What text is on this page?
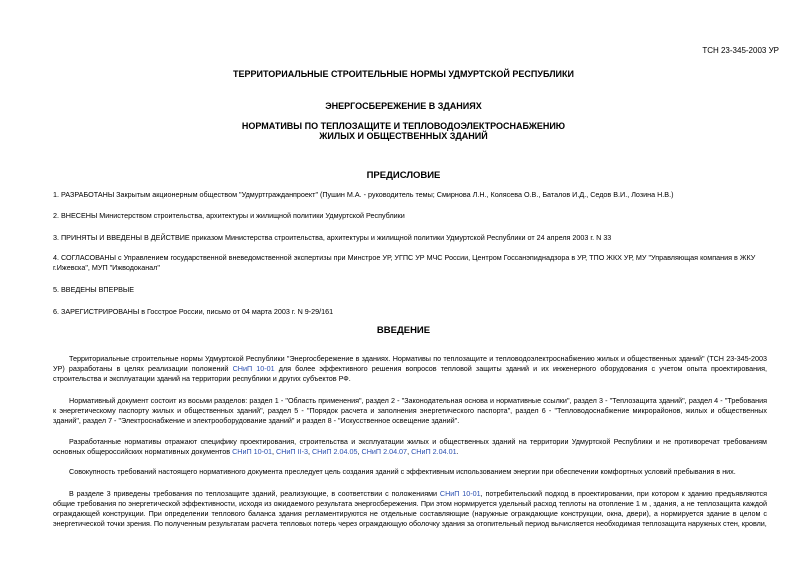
ТСН 23-345-2003 УР
ТЕРРИТОРИАЛЬНЫЕ СТРОИТЕЛЬНЫЕ НОРМЫ УДМУРТСКОЙ РЕСПУБЛИКИ
ЭНЕРГОСБЕРЕЖЕНИЕ В ЗДАНИЯХ
НОРМАТИВЫ ПО ТЕПЛОЗАЩИТЕ И ТЕПЛОВОДОЭЛЕКТРОСНАБЖЕНИЮ
ЖИЛЫХ И ОБЩЕСТВЕННЫХ ЗДАНИЙ
ПРЕДИСЛОВИЕ
1. РАЗРАБОТАНЫ Закрытым акционерным обществом "Удмуртгражданпроект" (Пушин М.А. - руководитель темы; Смирнова Л.Н., Колясева О.В., Баталов И.Д., Седов В.И., Лозина Н.В.)
2. ВНЕСЕНЫ Министерством строительства, архитектуры и жилищной политики Удмуртской Республики
3. ПРИНЯТЫ И ВВЕДЕНЫ В ДЕЙСТВИЕ приказом Министерства строительства, архитектуры и жилищной политики Удмуртской Республики от 24 апреля 2003 г. N 33
4. СОГЛАСОВАНЫ с Управлением государственной вневедомственной экспертизы при Минстрое УР, УГПС УР МЧС России, Центром Госсанэпиднадзора в УР, ТПО ЖКХ УР, МУ "Управляющая компания в ЖКУ г.Ижевска", МУП "Ижводоканал"
5. ВВЕДЕНЫ ВПЕРВЫЕ
6. ЗАРЕГИСТРИРОВАНЫ в Госстрое России, письмо от 04 марта 2003 г. N 9-29/161
ВВЕДЕНИЕ
Территориальные строительные нормы Удмуртской Республики "Энергосбережение в зданиях. Нормативы по теплозащите и тепловодоэлектроснабжению жилых и общественных зданий" (ТСН 23-345-2003 УР) разработаны в целях реализации положений СНиП 10-01 для более эффективного решения вопросов тепловой защиты зданий и их инженерного оборудования с учетом опыта проектирования, строительства и эксплуатации зданий на территории республики и других субъектов РФ.
Нормативный документ состоит из восьми разделов: раздел 1 - "Область применения", раздел 2 - "Законодательная основа и нормативные ссылки", раздел 3 - "Теплозащита зданий", раздел 4 - "Требования к энергетическому паспорту жилых и общественных зданий", раздел 5 - "Порядок расчета и заполнения энергетического паспорта", раздел 6 - "Тепловодоснабжение микрорайонов, жилых и общественных зданий", раздел 7 - "Электроснабжение и электрооборудование зданий" и раздел 8 - "Искусственное освещение зданий".
Разработанные нормативы отражают специфику проектирования, строительства и эксплуатации жилых и общественных зданий на территории Удмуртской Республики и не противоречат требованиям основных общероссийских нормативных документов СНиП 10-01, СНиП II-3, СНиП 2.04.05, СНиП 2.04.07, СНиП 2.04.01.
Совокупность требований настоящего нормативного документа преследует цель создания зданий с эффективным использованием энергии при обеспечении комфортных условий пребывания в них.
В разделе 3 приведены требования по теплозащите зданий, реализующие, в соответствии с положениями СНиП 10-01, потребительский подход в проектировании, при котором к зданию предъявляются общие требования по энергетической эффективности, исходя из ожидаемого результата энергосбережения. При этом нормируется удельный расход теплоты на отопление 1 м , здания, а не теплозащита каждой ограждающей конструкции. При определении теплового баланса здания регламентируются не отдельные составляющие (наружные ограждающие конструкции, окна, двери), а нормируется здание в целом с энергетической точки зрения. По полученным результатам расчета тепловых потерь через ограждающую оболочку здания за отопительный период вычисляется необходимая теплозащита наружных стен, кровли,
